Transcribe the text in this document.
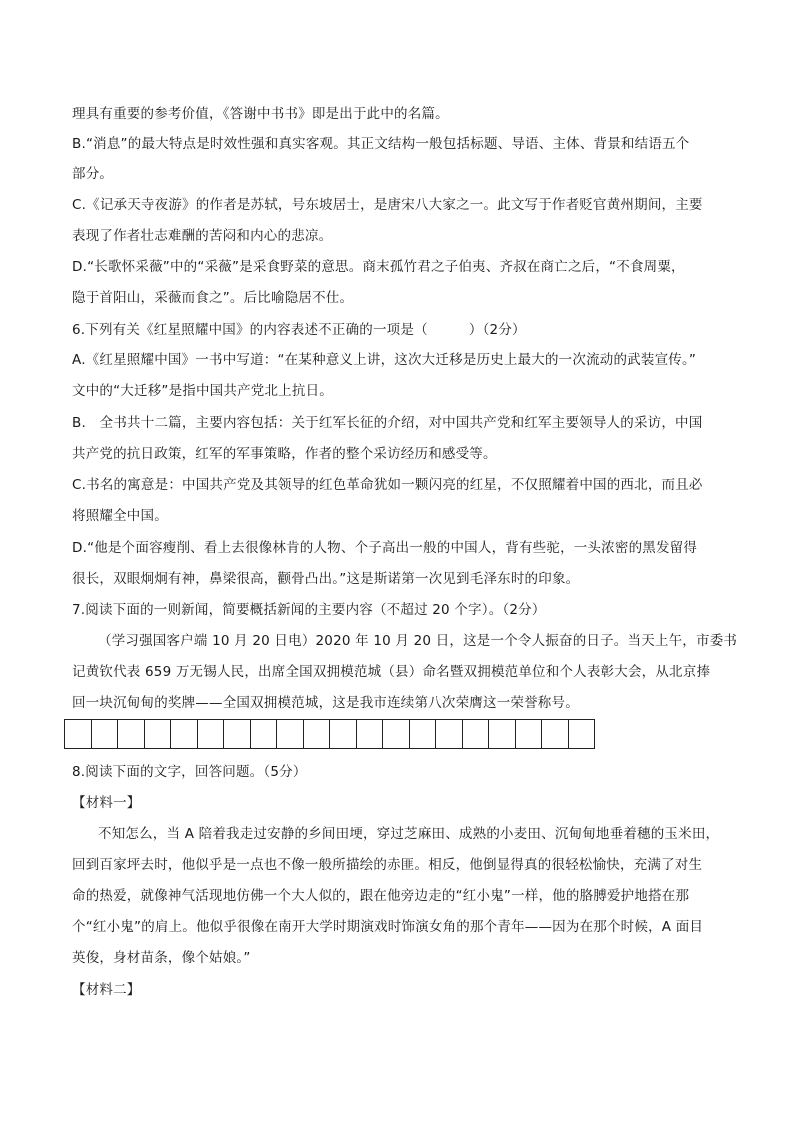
理具有重要的参考价值，《答谢中书书》即是出于此中的名篇。
B.“消息”的最大特点是时效性强和真实客观。其正文结构一般包括标题、导语、主体、背景和结语五个
部分。
C.《记承天寺夜游》的作者是苏轼，号东坡居士，是唐宋八大家之一。此文写于作者贬官黄州期间，主要
表现了作者壮志难酬的苦闷和内心的悲凉。
D.“长歌怀采薇”中的“采薇”是采食野菜的意思。商末孤竹君之子伯夷、齐叔在商亡之后，“不食周粟，
隐于首阳山，采薇而食之”。后比喻隐居不仕。
6.下列有关《红星照耀中国》的内容表述不正确的一项是（　　　）（2分）
A.《红星照耀中国》一书中写道：“在某种意义上讲，这次大迁移是历史上最大的一次流动的武装宣传。”
文中的“大迁移”是指中国共产党北上抗日。
B.　全书共十二篇，主要内容包括：关于红军长征的介绍，对中国共产党和红军主要领导人的采访，中国
共产党的抗日政策，红军的军事策略，作者的整个采访经历和感受等。
C.书名的寓意是：中国共产党及其领导的红色革命犹如一颗闪亮的红星，不仅照耀着中国的西北，而且必
将照耀全中国。
D.“他是个面容瘦削、看上去很像林肯的人物、个子高出一般的中国人，背有些驼，一头浓密的黑发留得
很长，双眼炯炯有神，鼻梁很高，颧骨凸出。”这是斯诺第一次见到毛泽东时的印象。
7.阅读下面的一则新闻，简要概括新闻的主要内容（不超过 20 个字）。（2分）
（学习强国客户端 10 月 20 日电）2020 年 10 月 20 日，这是一个令人振奋的日子。当天上午，市委书
记黄钦代表 659 万无锡人民，出席全国双拥模范城（县）命名暨双拥模范单位和个人表彰大会，从北京捧
回一块沉甸甸的奖牌——全国双拥模范城，这是我市连续第八次荣膺这一荣誉称号。
8.阅读下面的文字，回答问题。（5分）
【材料一】
不知怎么，当 A 陪着我走过安静的乡间田埂，穿过芝麻田、成熟的小麦田、沉甸甸地垂着穗的玉米田，
回到百家坪去时，他似乎是一点也不像一般所描绘的赤匪。相反，他倒显得真的很轻松愉快，充满了对生
命的热爱，就像神气活现地仿佛一个大人似的，跟在他旁边走的“红小鬼”一样，他的胳膊爱护地搭在那
个“红小鬼”的肩上。他似乎很像在南开大学时期演戏时饰演女角的那个青年——因为在那个时候，A 面目
英俊，身材苗条，像个姑娘。”
【材料二】
